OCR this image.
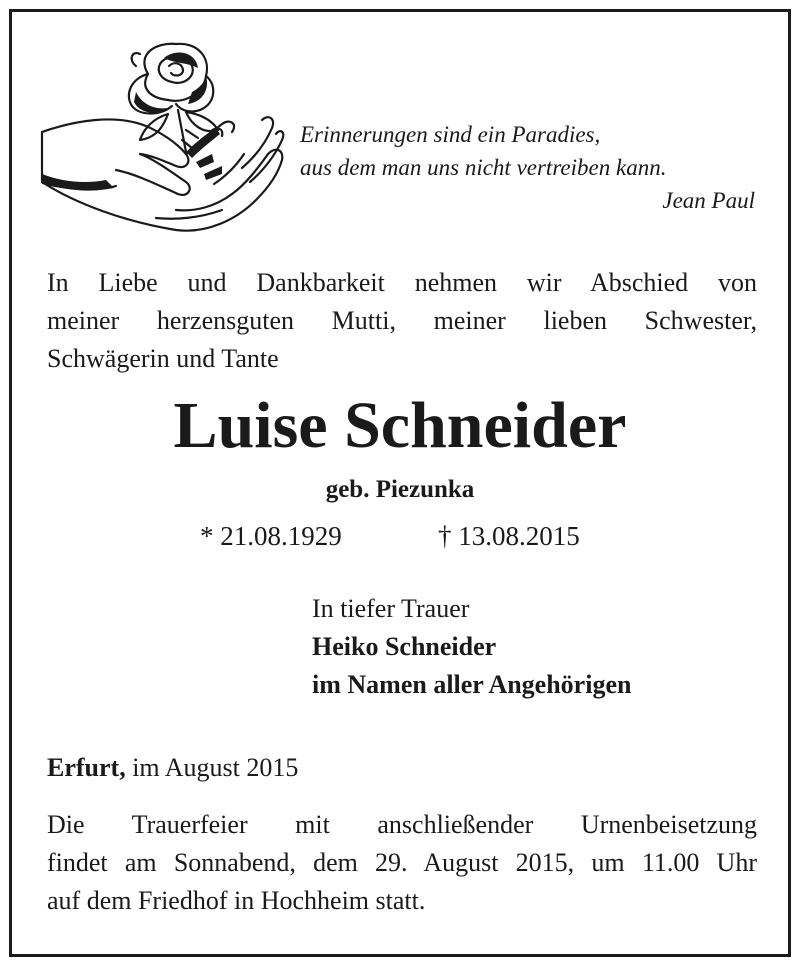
Erinnerungen sind ein Paradies,
aus dem man uns nicht vertreiben kann.
Jean Paul
In Liebe und Dankbarkeit nehmen wir Abschied von
meiner herzensguten Mutti, meiner lieben Schwester,
Schwägerin und Tante
Luise Schneider
geb. Piezunka
* 21.08.1929	† 13.08.2015
In tiefer Trauer
Heiko Schneider
im Namen aller Angehörigen
Erfurt, im August 2015
Die Trauerfeier mit anschließender Urnenbeisetzung
findet am Sonnabend, dem 29. August 2015, um 11.00 Uhr
auf dem Friedhof in Hochheim statt.
